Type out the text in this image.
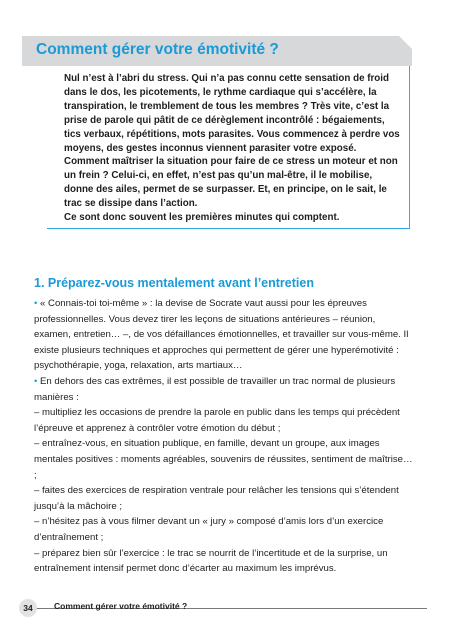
Comment gérer votre émotivité ?

Nul n’est à l’abri du stress. Qui n’a pas connu cette sensation de froid dans le dos, les picotements, le rythme cardiaque qui s’accélère, la transpiration, le tremblement de tous les membres ? Très vite, c’est la prise de parole qui pâtit de ce dérèglement incontrôlé : bégaiements, tics verbaux, répétitions, mots parasites. Vous commencez à perdre vos moyens, des gestes inconnus viennent parasiter votre exposé.

Comment maîtriser la situation pour faire de ce stress un moteur et non un frein ? Celui-ci, en effet, n’est pas qu’un mal-être, il le mobilise, donne des ailes, permet de se surpasser. Et, en principe, on le sait, le trac se dissipe dans l’action.

Ce sont donc souvent les premières minutes qui comptent.

1. Préparez-vous mentalement avant l’entretien

• « Connais-toi toi-même » : la devise de Socrate vaut aussi pour les épreuves professionnelles. Vous devez tirer les leçons de situations antérieures – réunion, examen, entretien… –, de vos défaillances émotionnelles, et travailler sur vous-même. Il existe plusieurs techniques et approches qui permettent de gérer une hyperémotivité : psychothérapie, yoga, relaxation, arts martiaux…

• En dehors des cas extrêmes, il est possible de travailler un trac normal de plusieurs manières :

– multipliez les occasions de prendre la parole en public dans les temps qui précèdent l’épreuve et apprenez à contrôler votre émotion du début ;

– entraînez-vous, en situation publique, en famille, devant un groupe, aux images mentales positives : moments agréables, souvenirs de réussites, sentiment de maîtrise… ;

– faites des exercices de respiration ventrale pour relâcher les tensions qui s’étendent jusqu’à la mâchoire ;

– n’hésitez pas à vous filmer devant un « jury » composé d’amis lors d’un exercice d’entraînement ;

– préparez bien sûr l’exercice : le trac se nourrit de l’incertitude et de la surprise, un entraînement intensif permet donc d’écarter au maximum les imprévus.

34	Comment gérer votre émotivité ?
